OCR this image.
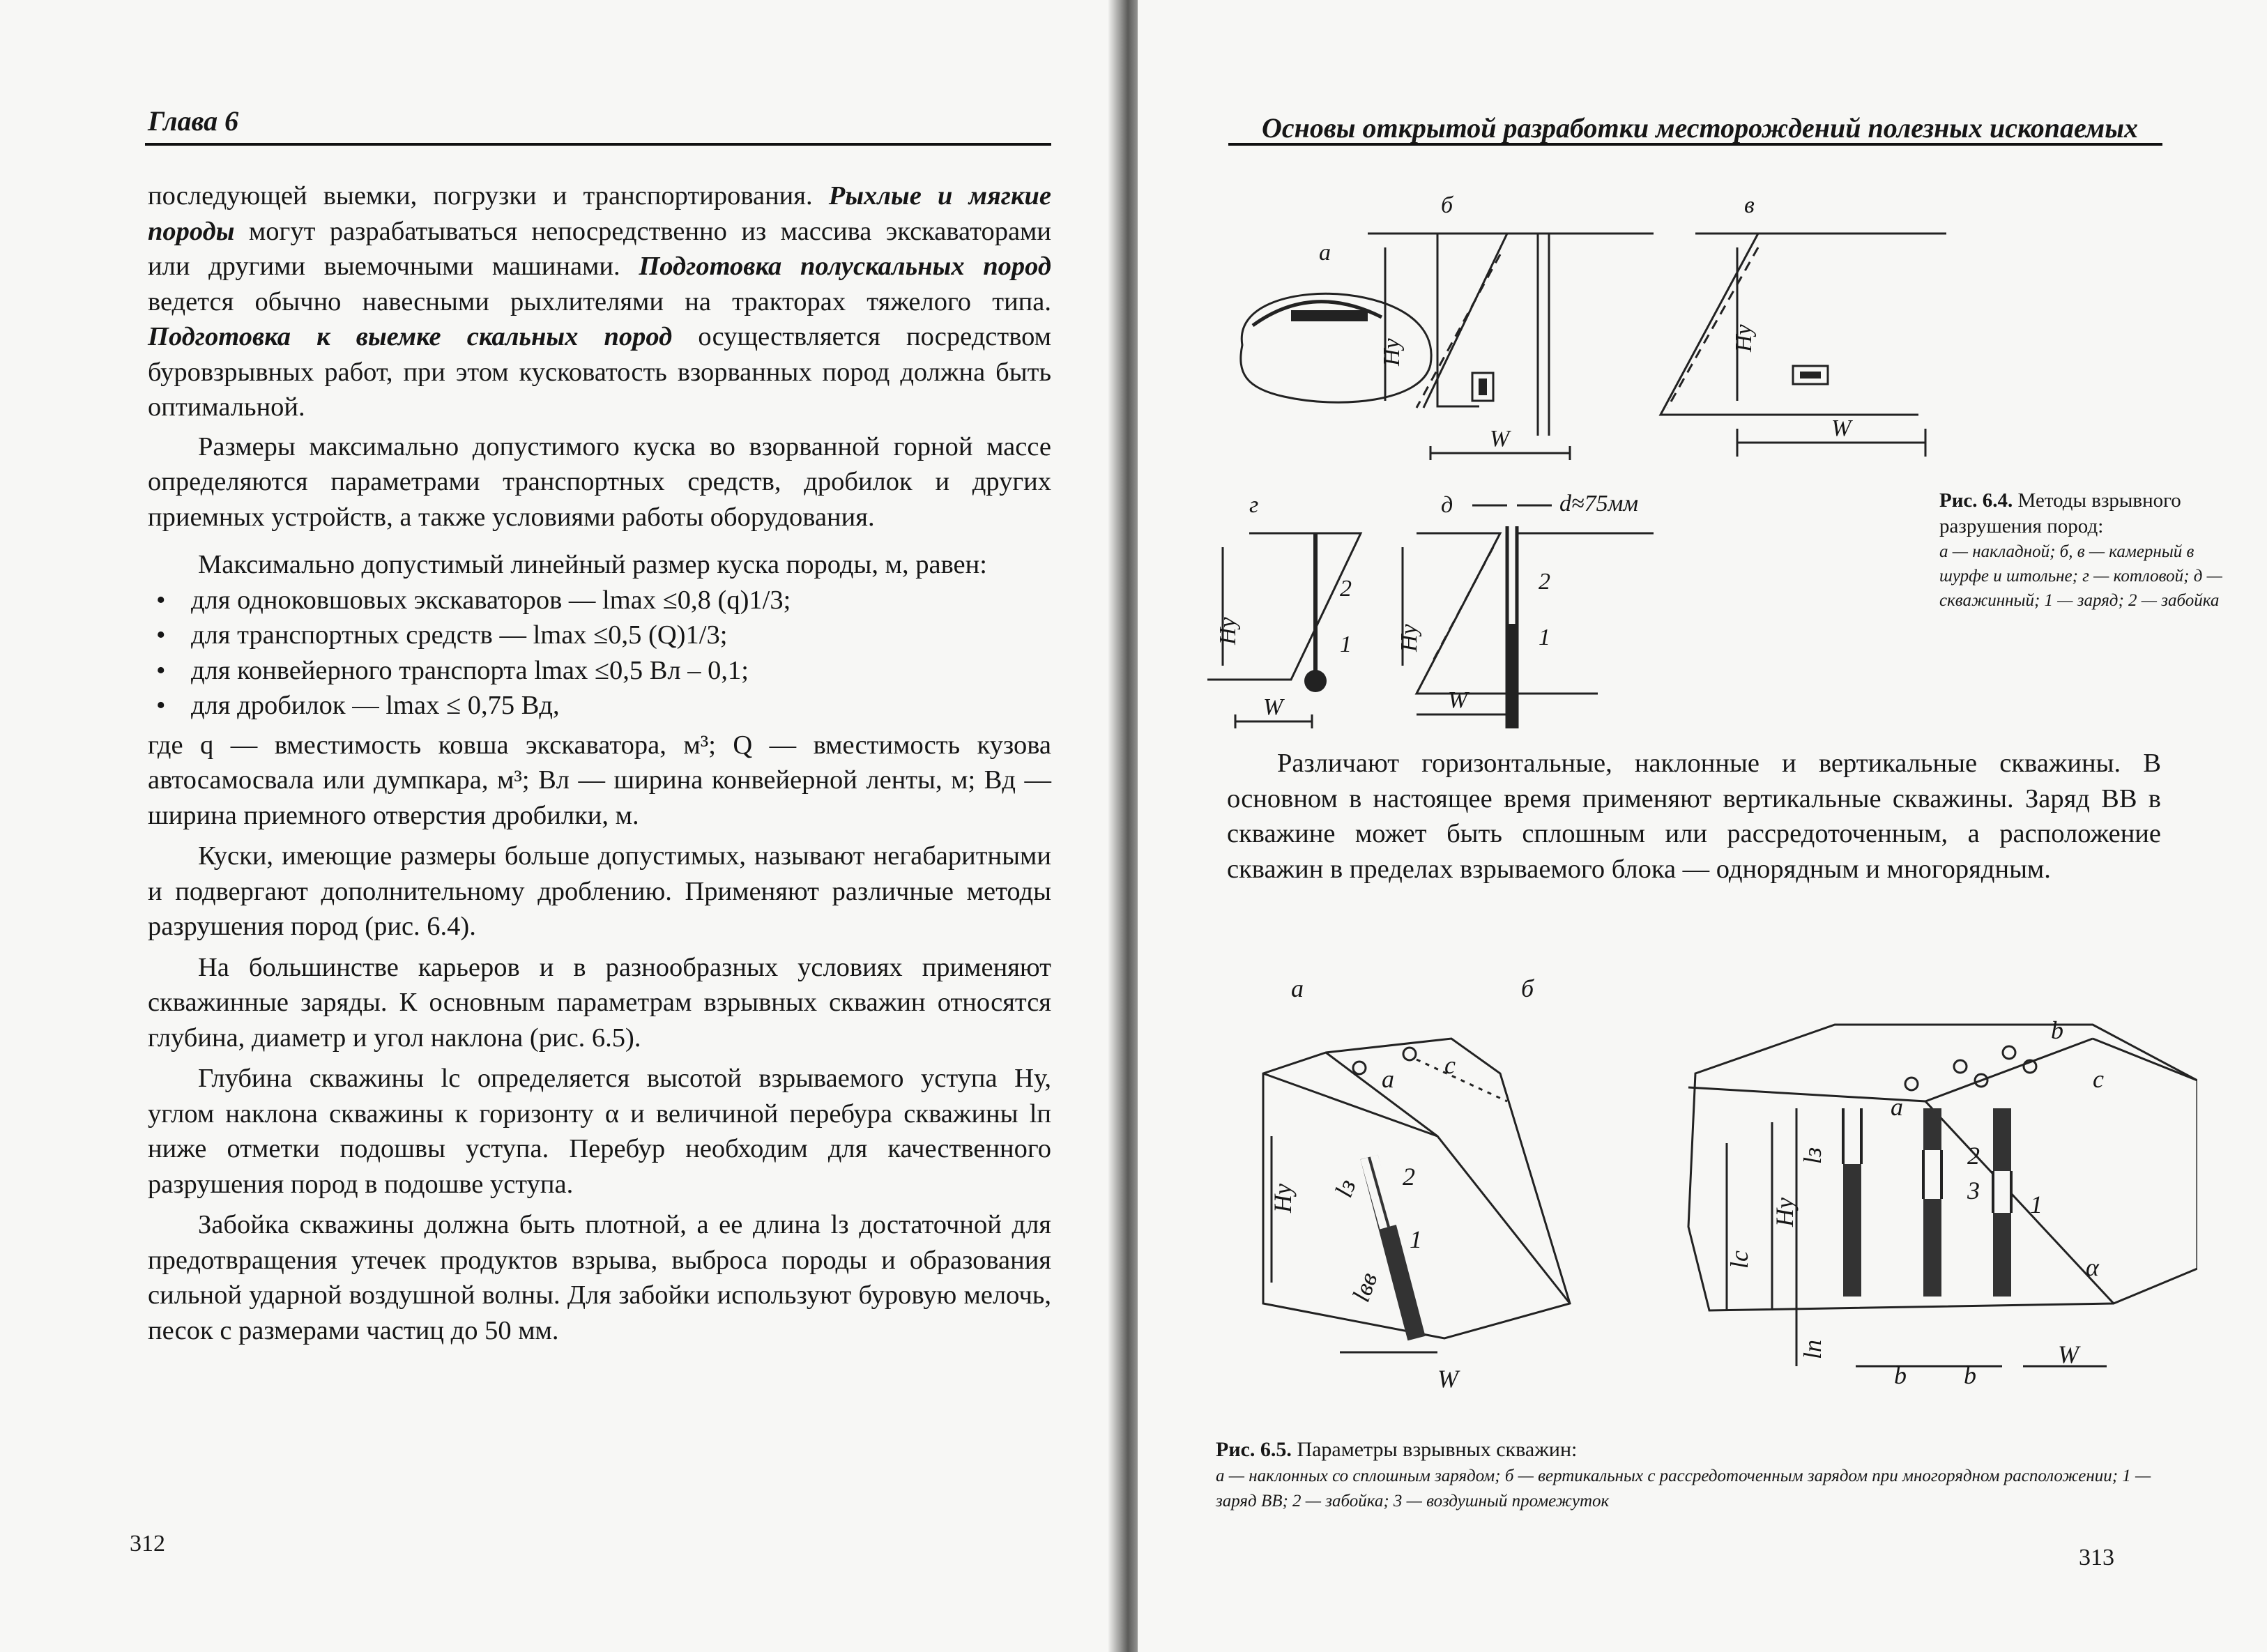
Глава 6

последующей выемки, погрузки и транспортирования. Рыхлые и мягкие породы могут разрабатываться непосредственно из массива экскаваторами или другими выемочными машинами. Подготовка полускальных пород ведется обычно навесными рыхлителями на тракторах тяжелого типа. Подготовка к выемке скальных пород осуществляется посредством буровзрывных работ, при этом кусковатость взорванных пород должна быть оптимальной.

Размеры максимально допустимого куска во взорванной горной массе определяются параметрами транспортных средств, дробилок и других приемных устройств, а также условиями работы оборудования.

Максимально допустимый линейный размер куска породы, м, равен:

• для одноковшовых экскаваторов — lmax ≤0,8 (q)1/3;
• для транспортных средств — lmax ≤0,5 (Q)1/3;
• для конвейерного транспорта lmax ≤0,5 Bл – 0,1;
• для дробилок — lmax ≤ 0,75 Bд,

где q — вместимость ковша экскаватора, м³; Q — вместимость кузова автосамосвала или думпкара, м³; Bл — ширина конвейерной ленты, м; Bд — ширина приемного отверстия дробилки, м.

Куски, имеющие размеры больше допустимых, называют негабаритными и подвергают дополнительному дроблению. Применяют различные методы разрушения пород (рис. 6.4).

На большинстве карьеров и в разнообразных условиях применяют скважинные заряды. К основным параметрам взрывных скважин относятся глубина, диаметр и угол наклона (рис. 6.5).

Глубина скважины lс определяется высотой взрываемого уступа Hу, углом наклона скважины к горизонту α и величиной перебура скважины lп ниже отметки подошвы уступа. Перебур необходим для качественного разрушения пород в подошве уступа.

Забойка скважины должна быть плотной, а ее длина lз достаточной для предотвращения утечек продуктов взрыва, выброса породы и образования сильной ударной воздушной волны. Для забойки используют буровую мелочь, песок с размерами частиц до 50 мм.

312
Основы открытой разработки месторождений полезных ископаемых
а
б	в
г	д
Hу
Hу
Hу	Hу
W	W
W	W
d≈75мм
2
1
2
1
Рис. 6.4. Методы взрывного разрушения пород:
а — накладной; б, в — камерный в шурфе и штольне; г — котловой; д — скважинный; 1 — заряд; 2 — забойка

Различают горизонтальные, наклонные и вертикальные скважины. В основном в настоящее время применяют вертикальные скважины. Заряд ВВ в скважине может быть сплошным или рассредоточенным, а расположение скважин в пределах взрываемого блока — однорядным и многорядным.

а	б
a c
lз
lвв
Hу
2
1
W
a
b
c
lс
Hу
lз
lп
2
3 1
α
b b
W
Рис. 6.5. Параметры взрывных скважин:
а — наклонных со сплошным зарядом; б — вертикальных с рассредоточенным зарядом при многорядном расположении; 1 — заряд ВВ; 2 — забойка; 3 — воздушный промежуток
313
